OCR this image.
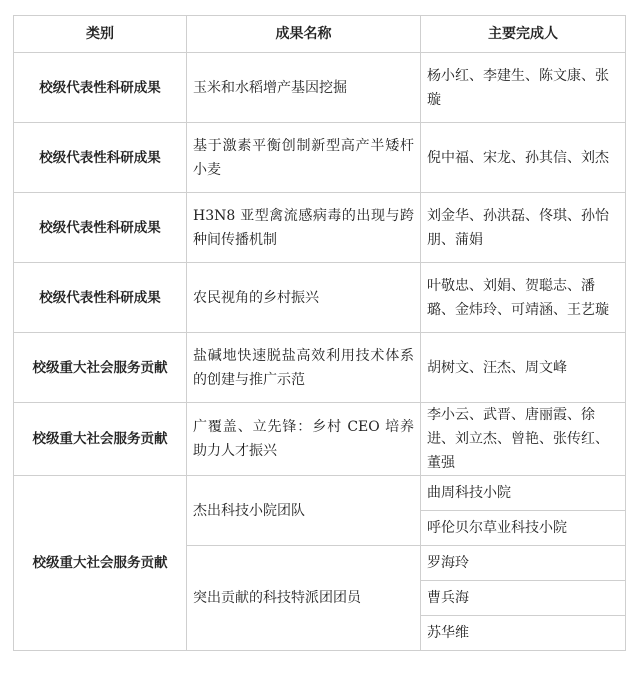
类别	成果名称	主要完成人
校级代表性科研成果	玉米和水稻增产基因挖掘	杨小红、李建生、陈文康、张璇
校级代表性科研成果	基于激素平衡创制新型高产半矮杆小麦	倪中福、宋龙、孙其信、刘杰
校级代表性科研成果	H3N8 亚型禽流感病毒的出现与跨种间传播机制	刘金华、孙洪磊、佟琪、孙怡朋、蒲娟
校级代表性科研成果	农民视角的乡村振兴	叶敬忠、刘娟、贺聪志、潘璐、金炜玲、可靖涵、王艺璇
校级重大社会服务贡献	盐碱地快速脱盐高效利用技术体系的创建与推广示范	胡树文、汪杰、周文峰
校级重大社会服务贡献	广覆盖、立先锋：乡村 CEO 培养助力人才振兴	李小云、武晋、唐丽霞、徐进、刘立杰、曾艳、张传红、董强
校级重大社会服务贡献	杰出科技小院团队	曲周科技小院
		呼伦贝尔草业科技小院
	突出贡献的科技特派团团员	罗海玲
		曹兵海
		苏华维
